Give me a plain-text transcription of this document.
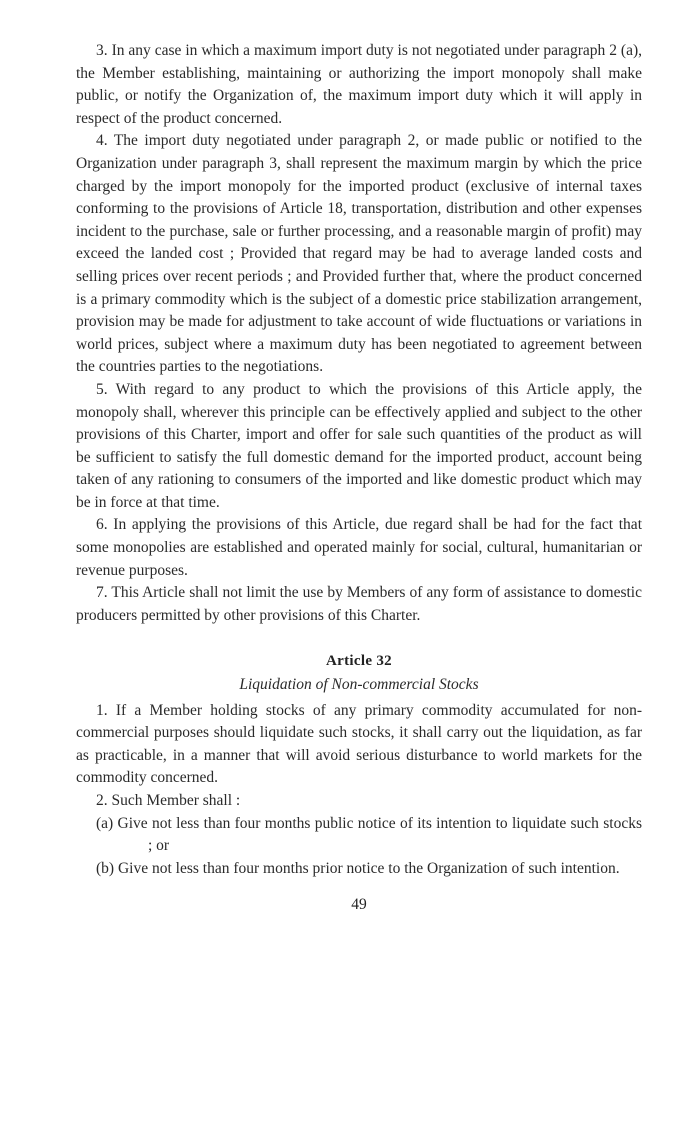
3. In any case in which a maximum import duty is not negotiated under paragraph 2 (a), the Member establishing, maintaining or authorizing the import monopoly shall make public, or notify the Organization of, the maximum import duty which it will apply in respect of the product concerned.

4. The import duty negotiated under paragraph 2, or made public or notified to the Organization under paragraph 3, shall represent the maximum margin by which the price charged by the import monopoly for the imported product (exclusive of internal taxes conforming to the provisions of Article 18, transportation, distribution and other expenses incident to the purchase, sale or further processing, and a reasonable margin of profit) may exceed the landed cost ; Provided that regard may be had to average landed costs and selling prices over recent periods ; and Provided further that, where the product concerned is a primary commodity which is the subject of a domestic price stabilization arrangement, provision may be made for adjustment to take account of wide fluctuations or variations in world prices, subject where a maximum duty has been negotiated to agreement between the countries parties to the negotiations.

5. With regard to any product to which the provisions of this Article apply, the monopoly shall, wherever this principle can be effectively applied and subject to the other provisions of this Charter, import and offer for sale such quantities of the product as will be sufficient to satisfy the full domestic demand for the imported product, account being taken of any rationing to consumers of the imported and like domestic product which may be in force at that time.

6. In applying the provisions of this Article, due regard shall be had for the fact that some monopolies are established and operated mainly for social, cultural, humanitarian or revenue purposes.

7. This Article shall not limit the use by Members of any form of assistance to domestic producers permitted by other provisions of this Charter.

Article 32
Liquidation of Non-commercial Stocks

1. If a Member holding stocks of any primary commodity accumulated for non-commercial purposes should liquidate such stocks, it shall carry out the liquidation, as far as practicable, in a manner that will avoid serious disturbance to world markets for the commodity concerned.

2. Such Member shall :

(a) Give not less than four months public notice of its intention to liquidate such stocks ; or

(b) Give not less than four months prior notice to the Organization of such intention.

49
